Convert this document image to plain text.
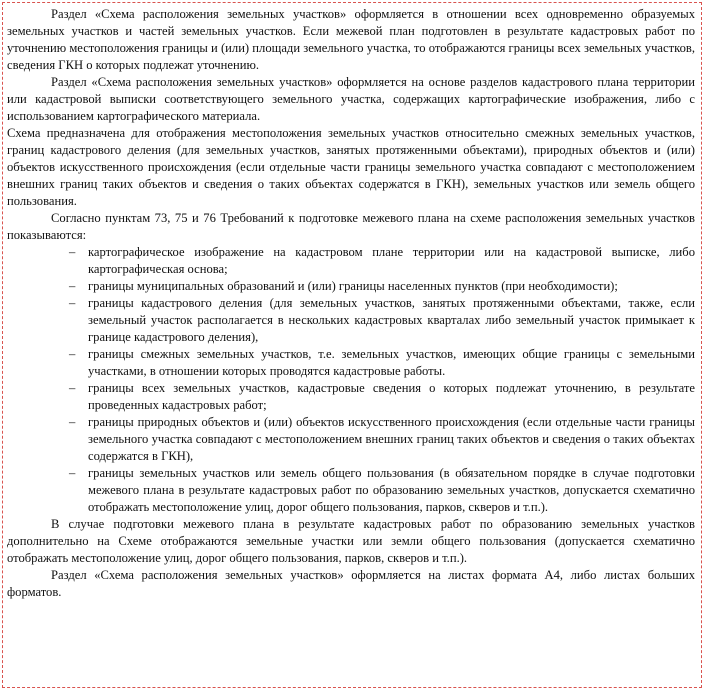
Раздел «Схема расположения земельных участков» оформляется в отношении всех одновременно образуемых земельных участков и частей земельных участков. Если межевой план подготовлен в результате кадастровых работ по уточнению местоположения границы и (или) площади земельного участка, то отображаются границы всех земельных участков, сведения ГКН о которых подлежат уточнению.

Раздел «Схема расположения земельных участков» оформляется на основе разделов кадастрового плана территории или кадастровой выписки соответствующего земельного участка, содержащих картографические изображения, либо с использованием картографического материала.

Схема предназначена для отображения местоположения земельных участков относительно смежных земельных участков, границ кадастрового деления (для земельных участков, занятых протяженными объектами), природных объектов и (или) объектов искусственного происхождения (если отдельные части границы земельного участка совпадают с местоположением внешних границ таких объектов и сведения о таких объектах содержатся в ГКН), земельных участков или земель общего пользования.

Согласно пунктам 73, 75 и 76 Требований к подготовке межевого плана на схеме расположения земельных участков показываются:

– картографическое изображение на кадастровом плане территории или на кадастровой выписке, либо картографическая основа;
– границы муниципальных образований и (или) границы населенных пунктов (при необходимости);
– границы кадастрового деления (для земельных участков, занятых протяженными объектами, также, если земельный участок располагается в нескольких кадастровых кварталах либо земельный участок примыкает к границе кадастрового деления),
– границы смежных земельных участков, т.е. земельных участков, имеющих общие границы с земельными участками, в отношении которых проводятся кадастровые работы.
– границы всех земельных участков, кадастровые сведения о которых подлежат уточнению, в результате проведенных кадастровых работ;
– границы природных объектов и (или) объектов искусственного происхождения (если отдельные части границы земельного участка совпадают с местоположением внешних границ таких объектов и сведения о таких объектах содержатся в ГКН),
– границы земельных участков или земель общего пользования (в обязательном порядке в случае подготовки межевого плана в результате кадастровых работ по образованию земельных участков, допускается схематично отображать местоположение улиц, дорог общего пользования, парков, скверов и т.п.).

В случае подготовки межевого плана в результате кадастровых работ по образованию земельных участков дополнительно на Схеме отображаются земельные участки или земли общего пользования (допускается схематично отображать местоположение улиц, дорог общего пользования, парков, скверов и т.п.).

Раздел «Схема расположения земельных участков» оформляется на листах формата А4, либо листах больших форматов.
